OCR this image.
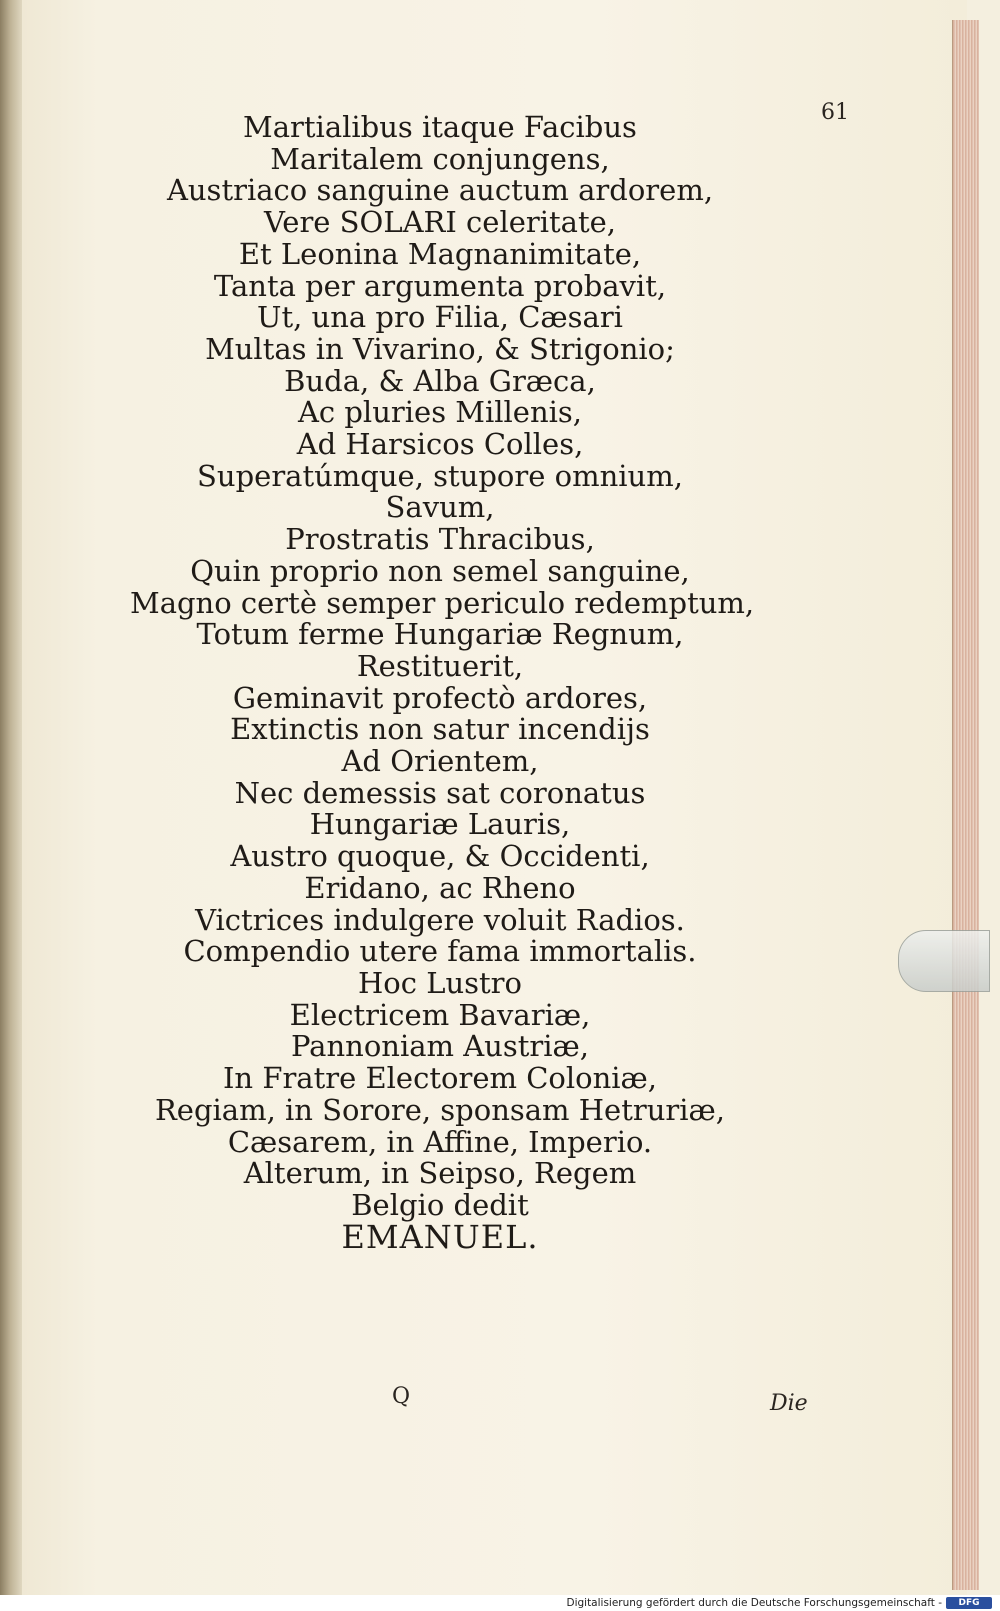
61
Martialibus itaque Facibus
Maritalem conjungens,
Austriaco sanguine auctum ardorem,
Vere SOLARI celeritate,
Et Leonina Magnanimitate,
Tanta per argumenta probavit,
Ut, una pro Filia, Cæsari
Multas in Vivarino, & Strigonio;
Buda, & Alba Græca,
Ac pluries Millenis,
Ad Harsicos Colles,
Superatúmque, stupore omnium,
Savum,
Prostratis Thracibus,
Quin proprio non semel sanguine,
Magno certè semper periculo redemptum,
Totum ferme Hungariæ Regnum,
Restituerit,
Geminavit profectò ardores,
Extinctis non satur incendijs
Ad Orientem,
Nec demessis sat coronatus
Hungariæ Lauris,
Austro quoque, & Occidenti,
Eridano, ac Rheno
Victrices indulgere voluit Radios.
Compendio utere fama immortalis.
Hoc Lustro
Electricem Bavariæ,
Pannoniam Austriæ,
In Fratre Electorem Coloniæ,
Regiam, in Sorore, sponsam Hetruriæ,
Cæsarem, in Affine, Imperio.
Alterum, in Seipso, Regem
Belgio dedit
EMANUEL.
Q	Die
Digitalisierung gefördert durch die Deutsche Forschungsgemeinschaft -	DFG
